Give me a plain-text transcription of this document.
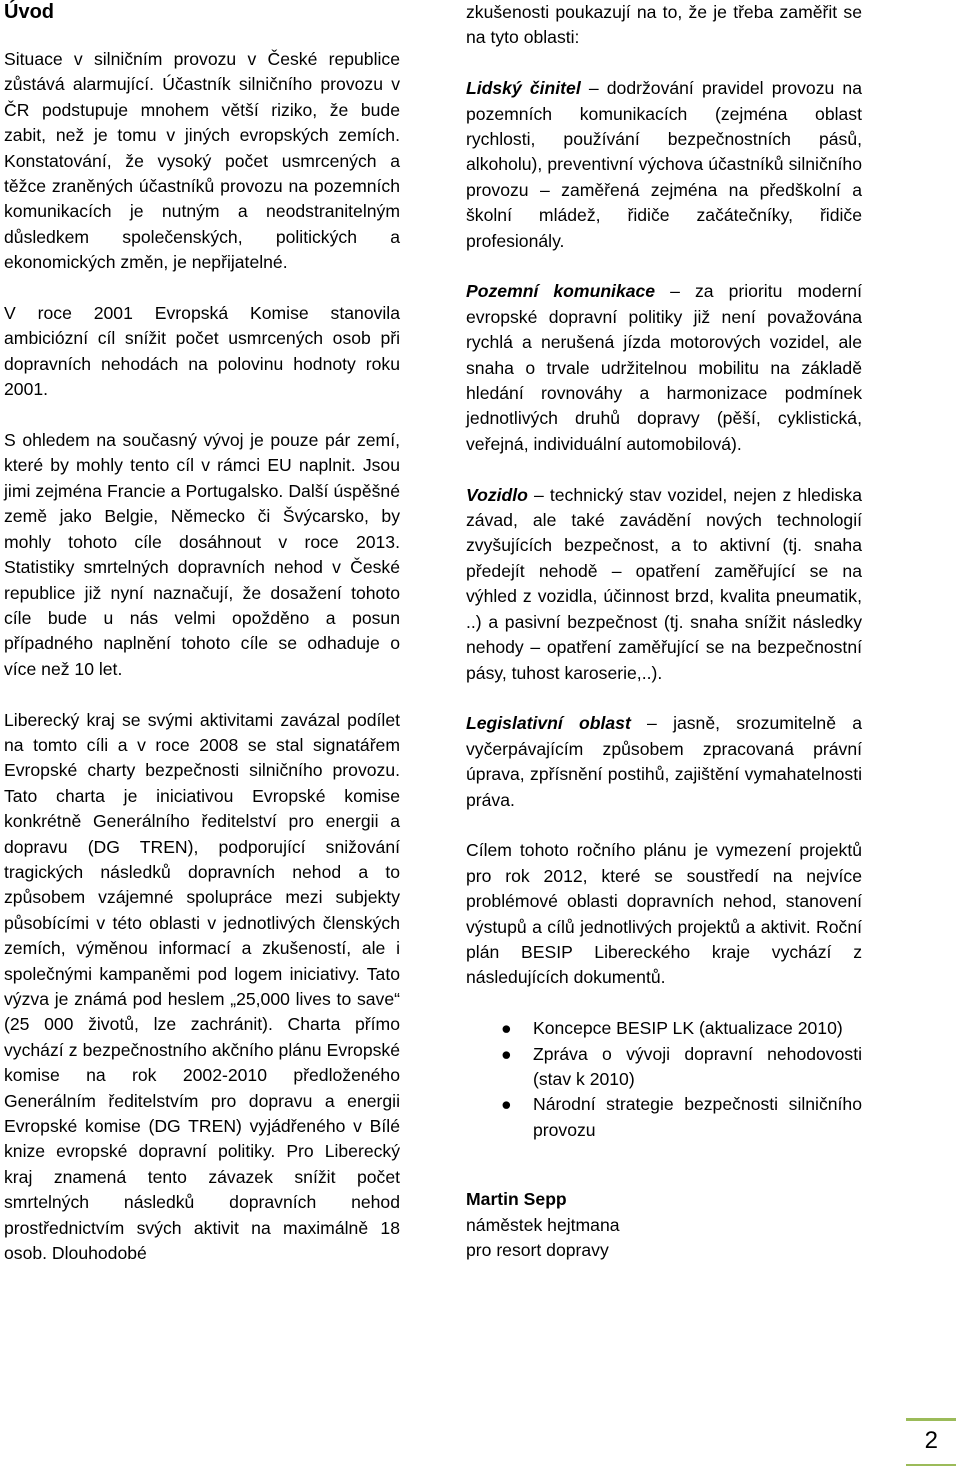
Úvod

Situace v silničním provozu v České republice zůstává alarmující. Účastník silničního provozu v ČR podstupuje mnohem větší riziko, že bude zabit, než je tomu v jiných evropských zemích. Konstatování, že vysoký počet usmrcených a těžce zraněných účastníků provozu na pozemních komunikacích je nutným a neodstranitelným důsledkem společenských, politických a ekonomických změn, je nepřijatelné.

V roce 2001 Evropská Komise stanovila ambiciózní cíl snížit počet usmrcených osob při dopravních nehodách na polovinu hodnoty roku 2001.

S ohledem na současný vývoj je pouze pár zemí, které by mohly tento cíl v rámci EU naplnit. Jsou jimi zejména Francie a Portugalsko. Další úspěšné země jako Belgie, Německo či Švýcarsko, by mohly tohoto cíle dosáhnout v roce 2013. Statistiky smrtelných dopravních nehod v České republice již nyní naznačují, že dosažení tohoto cíle bude u nás velmi opožděno a posun případného naplnění tohoto cíle se odhaduje o více než 10 let.

Liberecký kraj se svými aktivitami zavázal podílet na tomto cíli a v roce 2008 se stal signatářem Evropské charty bezpečnosti silničního provozu. Tato charta je iniciativou Evropské komise konkrétně Generálního ředitelství pro energii a dopravu (DG TREN), podporující snižování tragických následků dopravních nehod a to způsobem vzájemné spolupráce mezi subjekty působícími v této oblasti v jednotlivých členských zemích, výměnou informací a zkušeností, ale i společnými kampaněmi pod logem iniciativy. Tato výzva je známá pod heslem „25,000 lives to save“ (25 000 životů, lze zachránit). Charta přímo vychází z bezpečnostního akčního plánu Evropské komise na rok 2002-2010 předloženého Generálním ředitelstvím pro dopravu a energii Evropské komise (DG TREN) vyjádřeného v Bílé knize evropské dopravní politiky. Pro Liberecký kraj znamená tento závazek snížit počet smrtelných následků dopravních nehod prostřednictvím svých aktivit na maximálně 18 osob. Dlouhodobé

zkušenosti poukazují na to, že je třeba zaměřit se na tyto oblasti:

Lidský činitel – dodržování pravidel provozu na pozemních komunikacích (zejména oblast rychlosti, používání bezpečnostních pásů, alkoholu), preventivní výchova účastníků silničního provozu – zaměřená zejména na předškolní a školní mládež, řidiče začátečníky, řidiče profesionály.

Pozemní komunikace – za prioritu moderní evropské dopravní politiky již není považována rychlá a nerušená jízda motorových vozidel, ale snaha o trvale udržitelnou mobilitu na základě hledání rovnováhy a harmonizace podmínek jednotlivých druhů dopravy (pěší, cyklistická, veřejná, individuální automobilová).

Vozidlo – technický stav vozidel, nejen z hlediska závad, ale také zavádění nových technologií zvyšujících bezpečnost, a to aktivní (tj. snaha předejít nehodě – opatření zaměřující se na výhled z vozidla, účinnost brzd, kvalita pneumatik, ..) a pasivní bezpečnost (tj. snaha snížit následky nehody – opatření zaměřující se na bezpečnostní pásy, tuhost karoserie,..).

Legislativní oblast – jasně, srozumitelně a vyčerpávajícím způsobem zpracovaná právní úprava, zpřísnění postihů, zajištění vymahatelnosti práva.

Cílem tohoto ročního plánu je vymezení projektů pro rok 2012, které se soustředí na nejvíce problémové oblasti dopravních nehod, stanovení výstupů a cílů jednotlivých projektů a aktivit. Roční plán BESIP Libereckého kraje vychází z následujících dokumentů.

● Koncepce BESIP LK (aktualizace 2010)
● Zpráva o vývoji dopravní nehodovosti (stav k 2010)
● Národní strategie bezpečnosti silničního provozu
Martin Sepp
náměstek hejtmana
pro resort dopravy
2
